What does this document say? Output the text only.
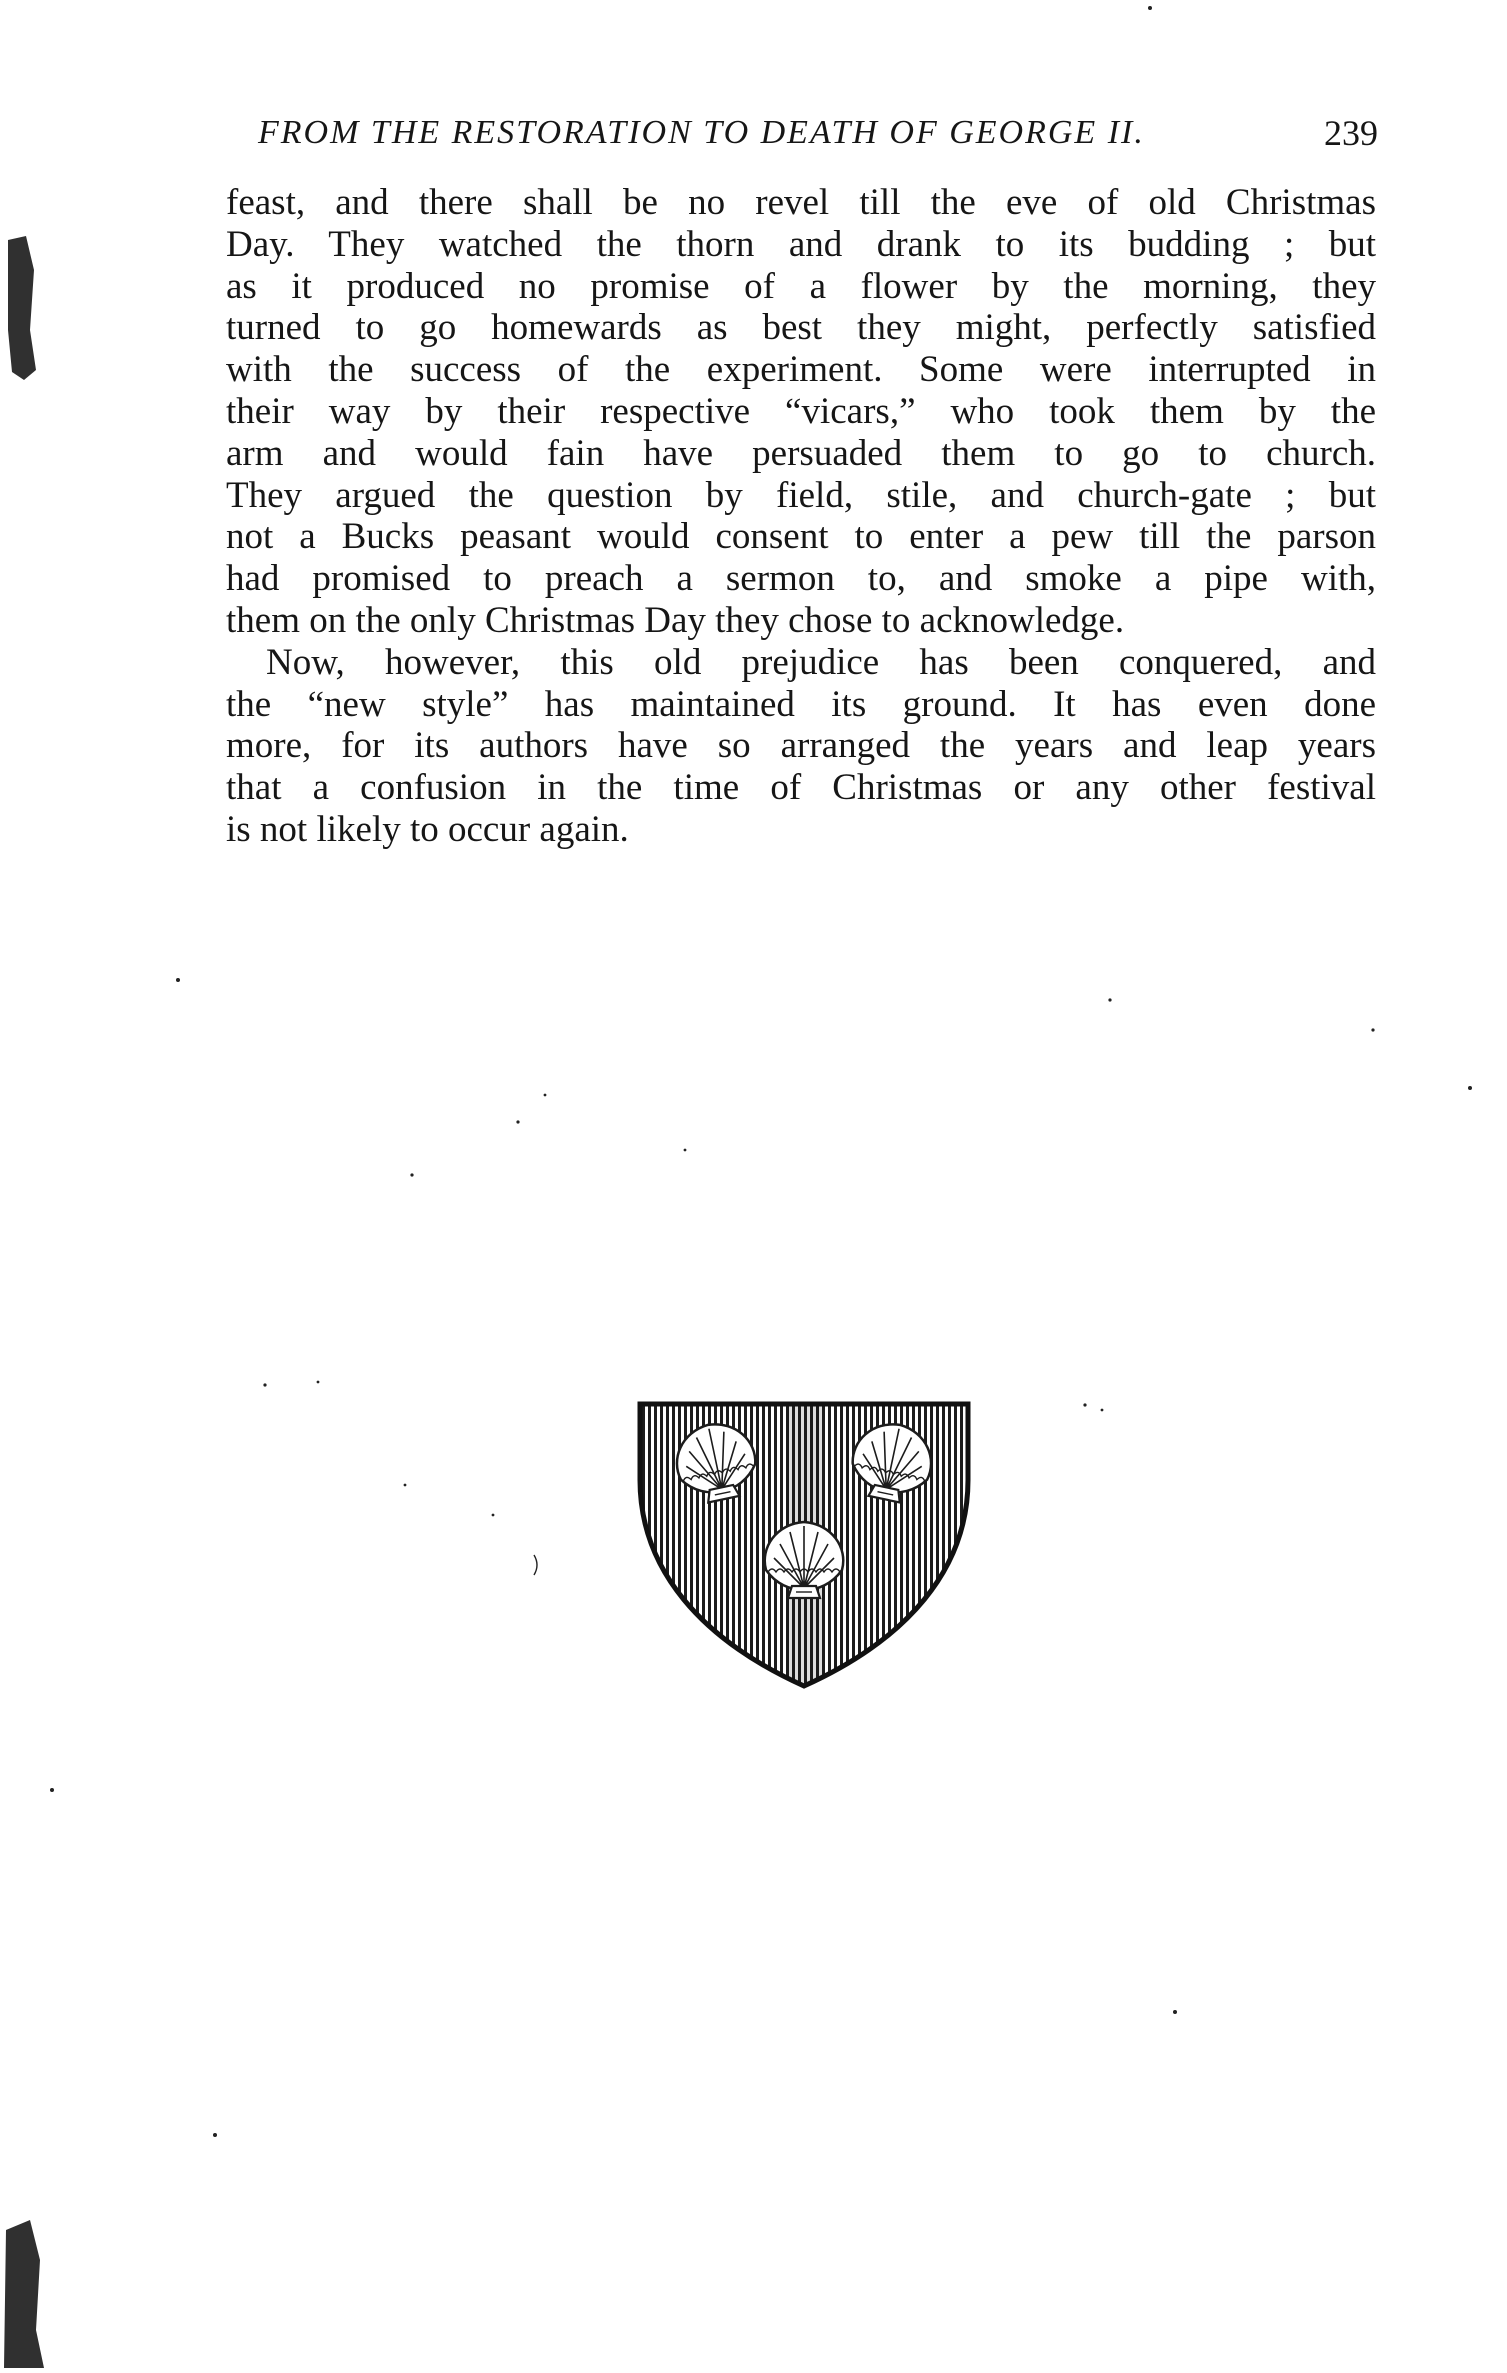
FROM THE RESTORATION TO DEATH OF GEORGE II.	239

feast, and there shall be no revel till the eve of old Christmas
Day. They watched the thorn and drank to its budding ; but
as it produced no promise of a flower by the morning, they
turned to go homewards as best they might, perfectly satisfied
with the success of the experiment. Some were interrupted in
their way by their respective “vicars,” who took them by the
arm and would fain have persuaded them to go to church.
They argued the question by field, stile, and church-gate ; but
not a Bucks peasant would consent to enter a pew till the parson
had promised to preach a sermon to, and smoke a pipe with,
them on the only Christmas Day they chose to acknowledge.

Now, however, this old prejudice has been conquered, and
the “new style” has maintained its ground. It has even done
more, for its authors have so arranged the years and leap years
that a confusion in the time of Christmas or any other festival
is not likely to occur again.
